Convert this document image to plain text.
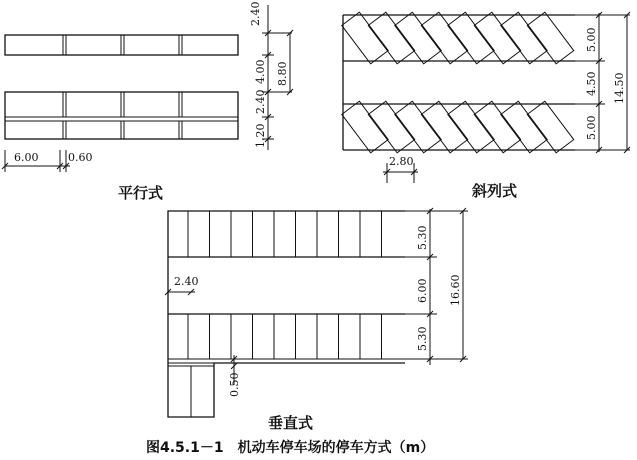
2.40
4.00 8.80
2.40
1.20
6.00	0.60
平行式
5.00
4.50
5.00
14.50
2.80
斜列式
2.40
0.50
5.30
6.00
5.30
16.60
垂直式
图4.5.1－1　机动车停车场的停车方式（m）
